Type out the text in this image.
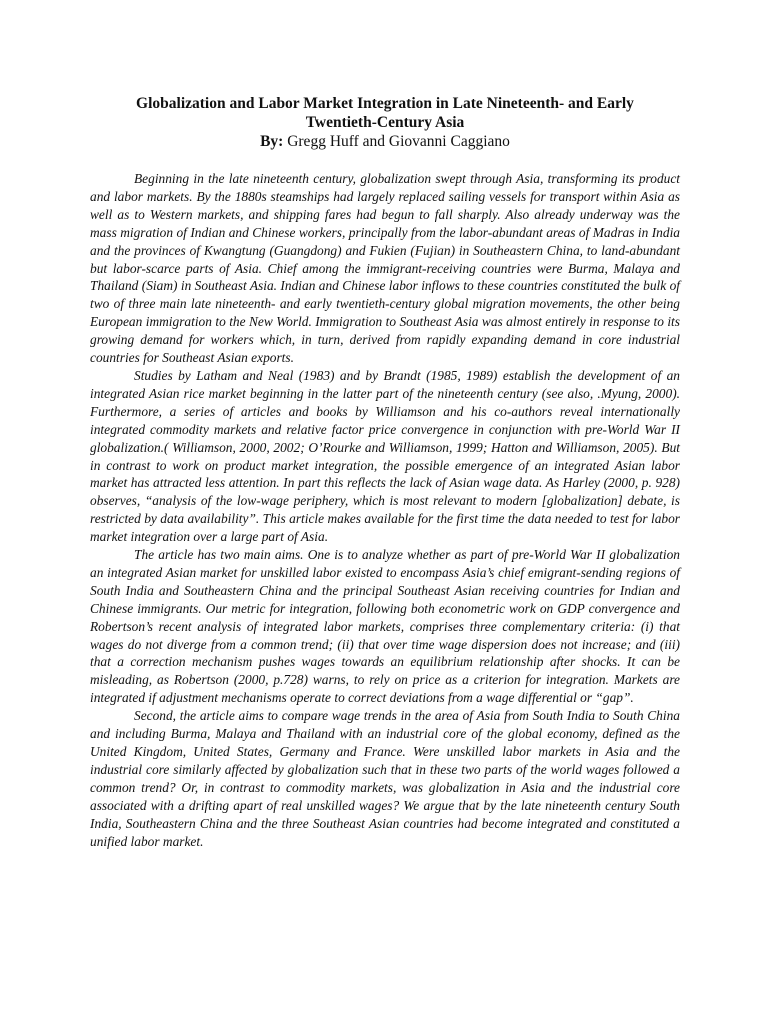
Globalization and Labor Market Integration in Late Nineteenth- and Early
Twentieth-Century Asia

By: Gregg Huff and Giovanni Caggiano

Beginning in the late nineteenth century, globalization swept through Asia, transforming its product and labor markets. By the 1880s steamships had largely replaced sailing vessels for transport within Asia as well as to Western markets, and shipping fares had begun to fall sharply. Also already underway was the mass migration of Indian and Chinese workers, principally from the labor-abundant areas of Madras in India and the provinces of Kwangtung (Guangdong) and Fukien (Fujian) in Southeastern China, to land-abundant but labor-scarce parts of Asia. Chief among the immigrant-receiving countries were Burma, Malaya and Thailand (Siam) in Southeast Asia. Indian and Chinese labor inflows to these countries constituted the bulk of two of three main late nineteenth- and early twentieth-century global migration movements, the other being European immigration to the New World. Immigration to Southeast Asia was almost entirely in response to its growing demand for workers which, in turn, derived from rapidly expanding demand in core industrial countries for Southeast Asian exports.

Studies by Latham and Neal (1983) and by Brandt (1985, 1989) establish the development of an integrated Asian rice market beginning in the latter part of the nineteenth century (see also, .Myung, 2000). Furthermore, a series of articles and books by Williamson and his co-authors reveal internationally integrated commodity markets and relative factor price convergence in conjunction with pre-World War II globalization.( Williamson, 2000, 2002; O’Rourke and Williamson, 1999; Hatton and Williamson, 2005). But in contrast to work on product market integration, the possible emergence of an integrated Asian labor market has attracted less attention. In part this reflects the lack of Asian wage data. As Harley (2000, p. 928) observes, “analysis of the low-wage periphery, which is most relevant to modern [globalization] debate, is restricted by data availability”. This article makes available for the first time the data needed to test for labor market integration over a large part of Asia.

The article has two main aims. One is to analyze whether as part of pre-World War II globalization an integrated Asian market for unskilled labor existed to encompass Asia’s chief emigrant-sending regions of South India and Southeastern China and the principal Southeast Asian receiving countries for Indian and Chinese immigrants. Our metric for integration, following both econometric work on GDP convergence and Robertson’s recent analysis of integrated labor markets, comprises three complementary criteria: (i) that wages do not diverge from a common trend; (ii) that over time wage dispersion does not increase; and (iii) that a correction mechanism pushes wages towards an equilibrium relationship after shocks. It can be misleading, as Robertson (2000, p.728) warns, to rely on price as a criterion for integration. Markets are integrated if adjustment mechanisms operate to correct deviations from a wage differential or “gap”.

Second, the article aims to compare wage trends in the area of Asia from South India to South China and including Burma, Malaya and Thailand with an industrial core of the global economy, defined as the United Kingdom, United States, Germany and France. Were unskilled labor markets in Asia and the industrial core similarly affected by globalization such that in these two parts of the world wages followed a common trend? Or, in contrast to commodity markets, was globalization in Asia and the industrial core associated with a drifting apart of real unskilled wages? We argue that by the late nineteenth century South India, Southeastern China and the three Southeast Asian countries had become integrated and constituted a unified labor market.
